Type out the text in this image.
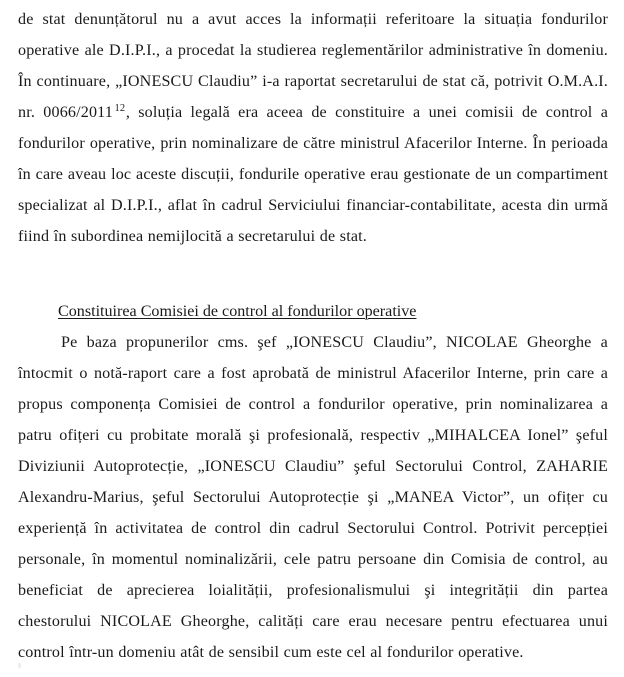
de stat denunțătorul nu a avut acces la informații referitoare la situația fondurilor operative ale D.I.P.I., a procedat la studierea reglementărilor administrative în domeniu. În continuare, „IONESCU Claudiu” i-a raportat secretarului de stat că, potrivit O.M.A.I. nr. 0066/2011 $^{12}$, soluția legală era aceea de constituire a unei comisii de control a fondurilor operative, prin nominalizare de către ministrul Afacerilor Interne. În perioada în care aveau loc aceste discuții, fondurile operative erau gestionate de un compartiment specializat al D.I.P.I., aflat în cadrul Serviciului financiar-contabilitate, acesta din urmă fiind în subordinea nemijlocită a secretarului de stat.

Constituirea Comisiei de control al fondurilor operative

Pe baza propunerilor cms. şef „IONESCU Claudiu”, NICOLAE Gheorghe a întocmit o notă-raport care a fost aprobată de ministrul Afacerilor Interne, prin care a propus componența Comisiei de control a fondurilor operative, prin nominalizarea a patru ofițeri cu probitate morală şi profesională, respectiv „MIHALCEA Ionel” şeful Diviziunii Autoprotecție, „IONESCU Claudiu” şeful Sectorului Control, ZAHARIE Alexandru-Marius, şeful Sectorului Autoprotecție şi „MANEA Victor”, un ofițer cu experiență în activitatea de control din cadrul Sectorului Control. Potrivit percepției personale, în momentul nominalizării, cele patru persoane din Comisia de control, au beneficiat de aprecierea loialității, profesionalismului şi integrității din partea chestorului NICOLAE Gheorghe, calități care erau necesare pentru efectuarea unui control într-un domeniu atât de sensibil cum este cel al fondurilor operative.
